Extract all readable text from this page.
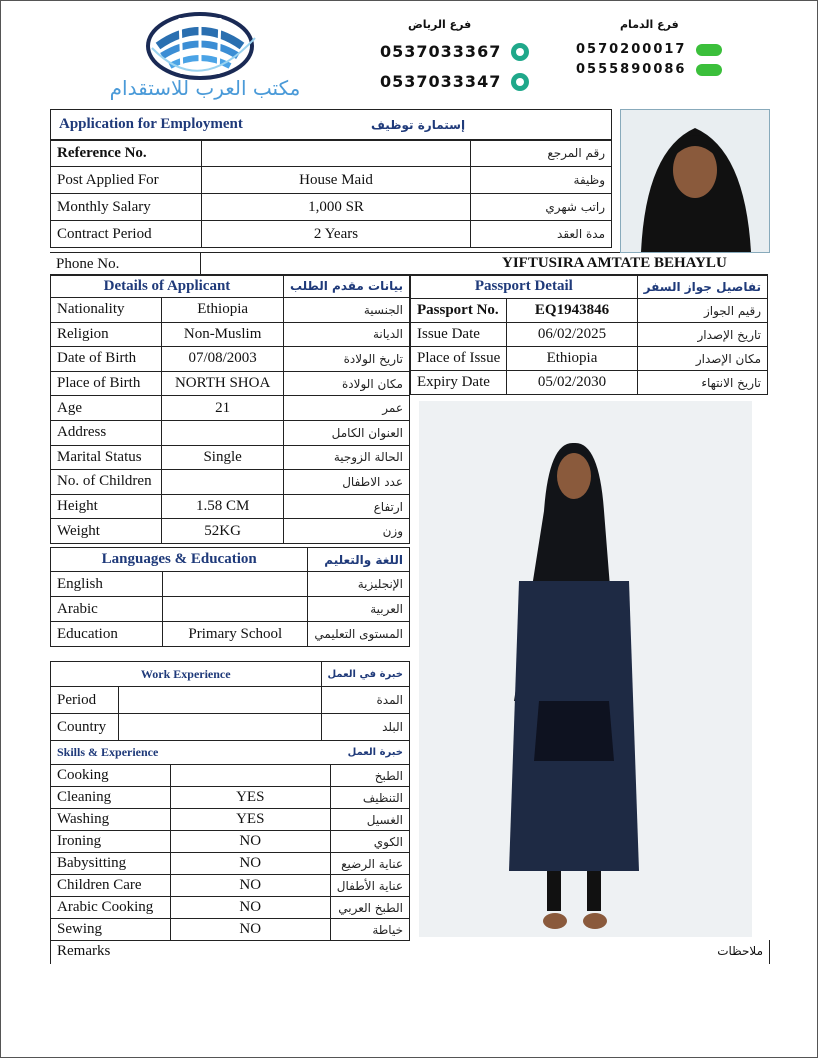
مكتب العرب للاستقدام
فرع الرياض
0537033367
0537033347
فرع الدمام
0570200017
0555890086
Application for Employment	إستمارة توظيف
Reference No.		رقم المرجع
Post Applied For	House Maid	وظيفة
Monthly Salary	1,000 SR	راتب شهري
Contract Period	2 Years	مدة العقد
Phone No.	YIFTUSIRA AMTATE BEHAYLU
Details of Applicant		بيانات مقدم الطلب
Nationality	Ethiopia	الجنسية
Religion	Non-Muslim	الديانة
Date of Birth	07/08/2003	تاريخ الولادة
Place of Birth	NORTH SHOA	مكان الولادة
Age	21	عمر
Address		العنوان الكامل
Marital Status	Single	الحالة الزوجية
No. of Children		عدد الاطفال
Height	1.58 CM	ارتفاع
Weight	52KG	وزن
Passport Detail		تفاصيل جواز السفر
Passport No.	EQ1943846	رقيم الجواز
Issue Date	06/02/2025	تاريخ الإصدار
Place of Issue	Ethiopia	مكان الإصدار
Expiry Date	05/02/2030	تاريخ الانتهاء
Languages & Education		اللغة والتعليم
English		الإنجليزية
Arabic		العربية
Education	Primary School	المستوى التعليمي
Work Experience		خبرة في العمل
Period		المدة
Country		البلد
Skills & Experience		خبرة العمل
Cooking		الطبخ
Cleaning	YES	التنظيف
Washing	YES	الغسيل
Ironing	NO	الكوي
Babysitting	NO	عناية الرضيع
Children Care	NO	عناية الأطفال
Arabic Cooking	NO	الطبخ العربي
Sewing	NO	خياطة
Remarks	ملاحظات
